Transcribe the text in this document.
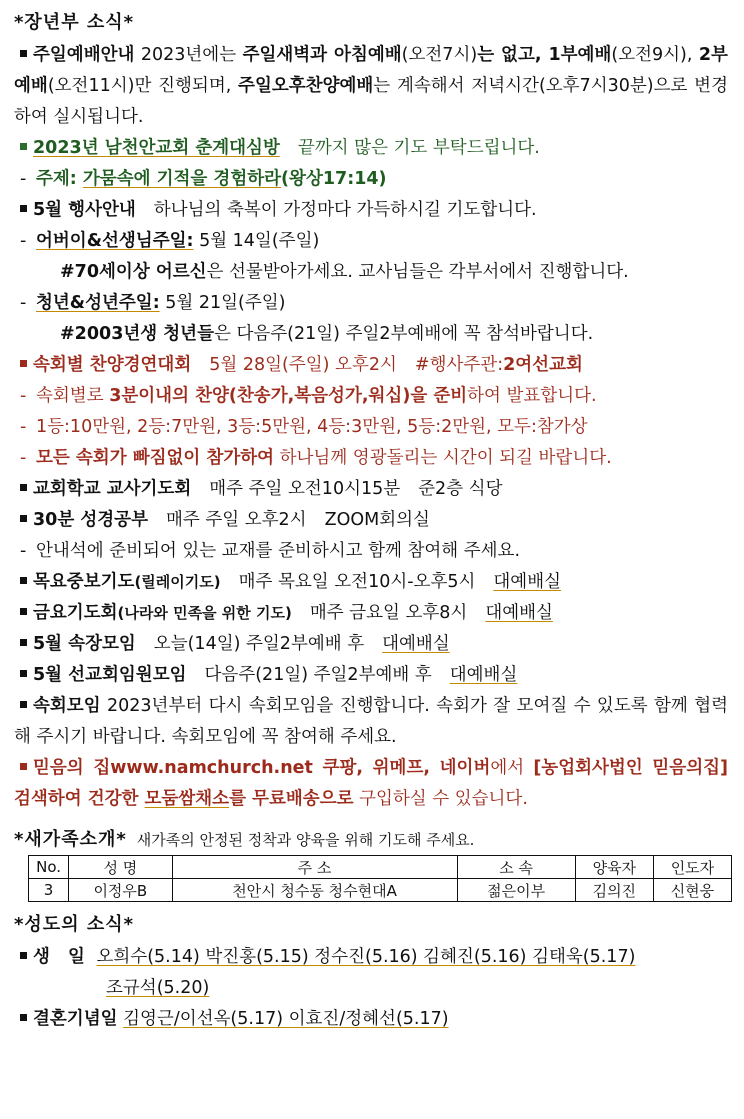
*장년부 소식*
주일예배안내 2023년에는 주일새벽과 아침예배(오전7시)는 없고, 1부예배(오전9시), 2부예배(오전11시)만 진행되며, 주일오후찬양예배는 계속해서 저녁시간(오후7시30분)으로 변경하여 실시됩니다.
2023년 남천안교회 춘계대심방 끝까지 많은 기도 부탁드립니다.
- 주제: 가뭄속에 기적을 경험하라(왕상17:14)
5월 행사안내 하나님의 축복이 가정마다 가득하시길 기도합니다.
- 어버이&선생님주일: 5월 14일(주일)
#70세이상 어르신은 선물받아가세요. 교사님들은 각부서에서 진행합니다.
- 청년&성년주일: 5월 21일(주일)
#2003년생 청년들은 다음주(21일) 주일2부예배에 꼭 참석바랍니다.
속회별 찬양경연대회 5월 28일(주일) 오후2시 #행사주관:2여선교회
- 속회별로 3분이내의 찬양(찬송가,복음성가,워십)을 준비하여 발표합니다.
- 1등:10만원, 2등:7만원, 3등:5만원, 4등:3만원, 5등:2만원, 모두:참가상
- 모든 속회가 빠짐없이 참가하여 하나님께 영광돌리는 시간이 되길 바랍니다.
교회학교 교사기도회 매주 주일 오전10시15분 준2층 식당
30분 성경공부 매주 주일 오후2시 ZOOM회의실
- 안내석에 준비되어 있는 교재를 준비하시고 함께 참여해 주세요.
목요중보기도(릴레이기도) 매주 목요일 오전10시-오후5시 대예배실
금요기도회(나라와 민족을 위한 기도) 매주 금요일 오후8시 대예배실
5월 속장모임 오늘(14일) 주일2부예배 후 대예배실
5월 선교회임원모임 다음주(21일) 주일2부예배 후 대예배실
속회모임 2023년부터 다시 속회모임을 진행합니다. 속회가 잘 모여질 수 있도록 함께 협력해 주시기 바랍니다. 속회모임에 꼭 참여해 주세요.
믿음의 집www.namchurch.net 쿠팡, 위메프, 네이버에서 [농업회사법인 믿음의집] 검색하여 건강한 모둠쌈채소를 무료배송으로 구입하실 수 있습니다.
*새가족소개* 새가족의 안정된 정착과 양육을 위해 기도해 주세요.
No.	성 명	주 소	소 속	양육자	인도자
3	이정우B	천안시 청수동 청수현대A	젊은이부	김의진	신현웅
*성도의 소식*
생 일 오희수(5.14) 박진홍(5.15) 정수진(5.16) 김혜진(5.16) 김태욱(5.17)
조규석(5.20)
결혼기념일 김영근/이선옥(5.17) 이효진/정혜선(5.17)
